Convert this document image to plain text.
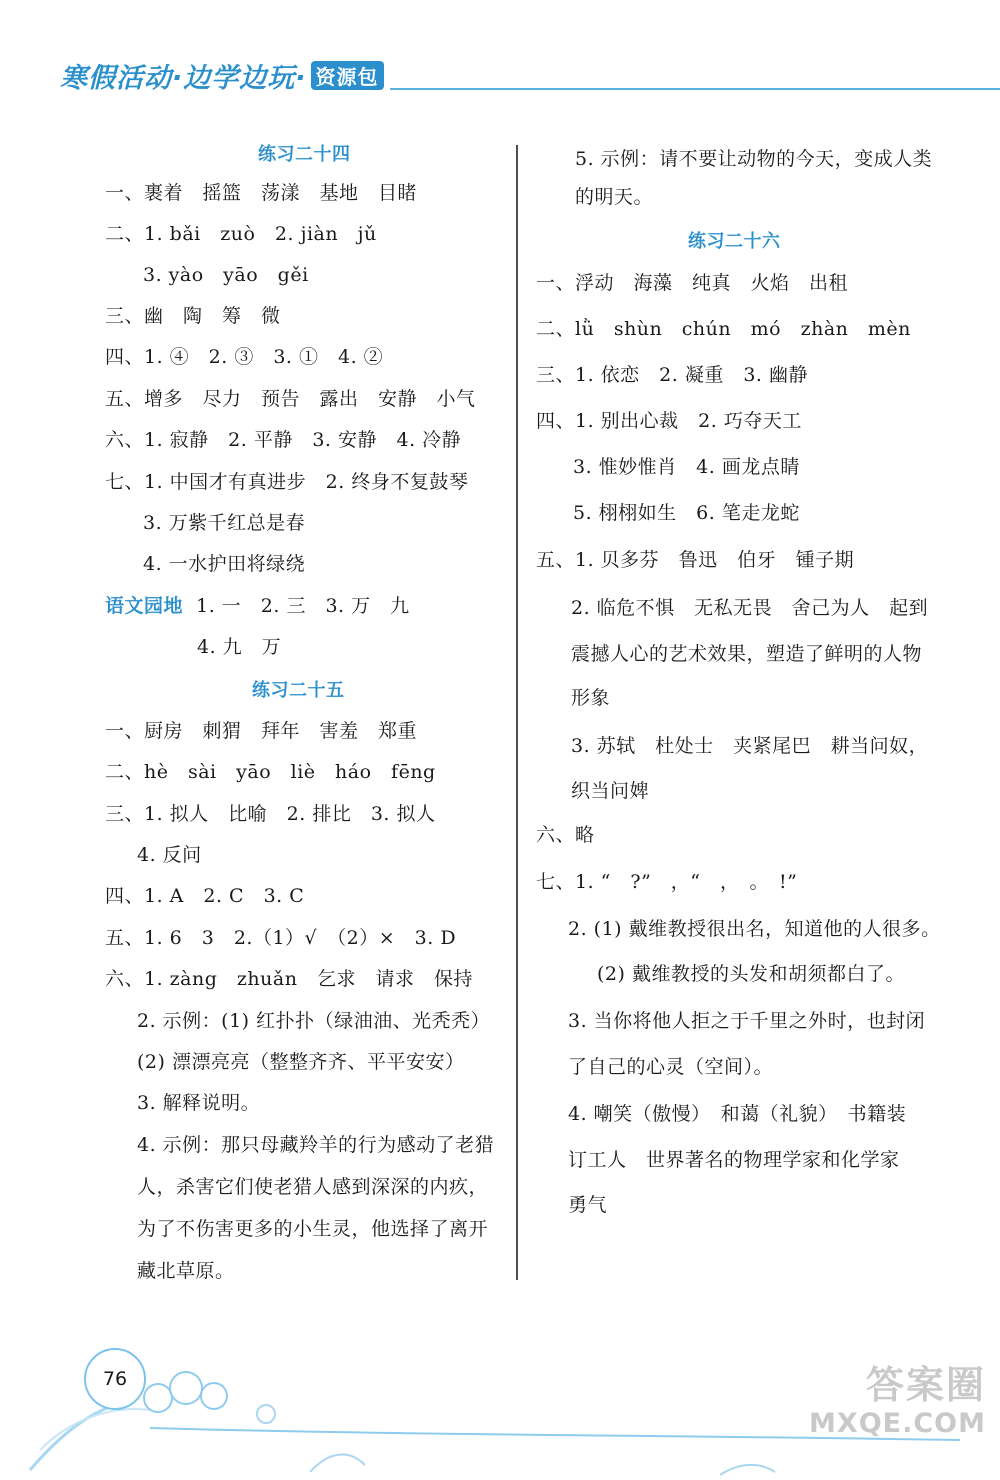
寒假活动·边学边玩· 资源包
练习二十四
一、裹着　摇篮　荡漾　基地　目睹
二、1. bǎi　zuò　2. jiàn　jǔ
3. yào　yāo　gěi
三、幽　陶　筹　微
四、1. ④　2. ③　3. ①　4. ②
五、增多　尽力　预告　露出　安静　小气
六、1. 寂静　2. 平静　3. 安静　4. 冷静
七、1. 中国才有真进步　2. 终身不复鼓琴
3. 万紫千红总是春
4. 一水护田将绿绕
语文园地 1. 一　2. 三　3. 万　九
4. 九　万
练习二十五
一、厨房　刺猬　拜年　害羞　郑重
二、hè　sài　yāo　liè　háo　fēng
三、1. 拟人　比喻　2. 排比　3. 拟人
4. 反问
四、1. A　2. C　3. C
五、1. 6　3　2.（1）√　（2）×　3. D
六、1. zàng　zhuǎn　乞求　请求　保持
2. 示例：(1) 红扑扑（绿油油、光秃秃）
(2) 漂漂亮亮（整整齐齐、平平安安）
3. 解释说明。
4. 示例：那只母藏羚羊的行为感动了老猎
人，杀害它们使老猎人感到深深的内疚，
为了不伤害更多的小生灵，他选择了离开
藏北草原。
5. 示例：请不要让动物的今天，变成人类
的明天。
练习二十六
一、浮动　海藻　纯真　火焰　出租
二、lǜ　shùn　chún　mó　zhàn　mèn
三、1. 依恋　2. 凝重　3. 幽静
四、1. 别出心裁　2. 巧夺天工
3. 惟妙惟肖　4. 画龙点睛
5. 栩栩如生　6. 笔走龙蛇
五、1. 贝多芬　鲁迅　伯牙　锺子期
2. 临危不惧　无私无畏　舍己为人　起到
震撼人心的艺术效果，塑造了鲜明的人物
形象
3. 苏轼　杜处士　夹紧尾巴　耕当问奴，
织当问婢
六、略
七、1. “　?”　，“　，　。　!”
2. (1) 戴维教授很出名，知道他的人很多。
(2) 戴维教授的头发和胡须都白了。
3. 当你将他人拒之于千里之外时，也封闭
了自己的心灵（空间）。
4. 嘲笑（傲慢）　和蔼（礼貌）　书籍装
订工人　世界著名的物理学家和化学家
勇气
76	答案圈
MXQE.COM
